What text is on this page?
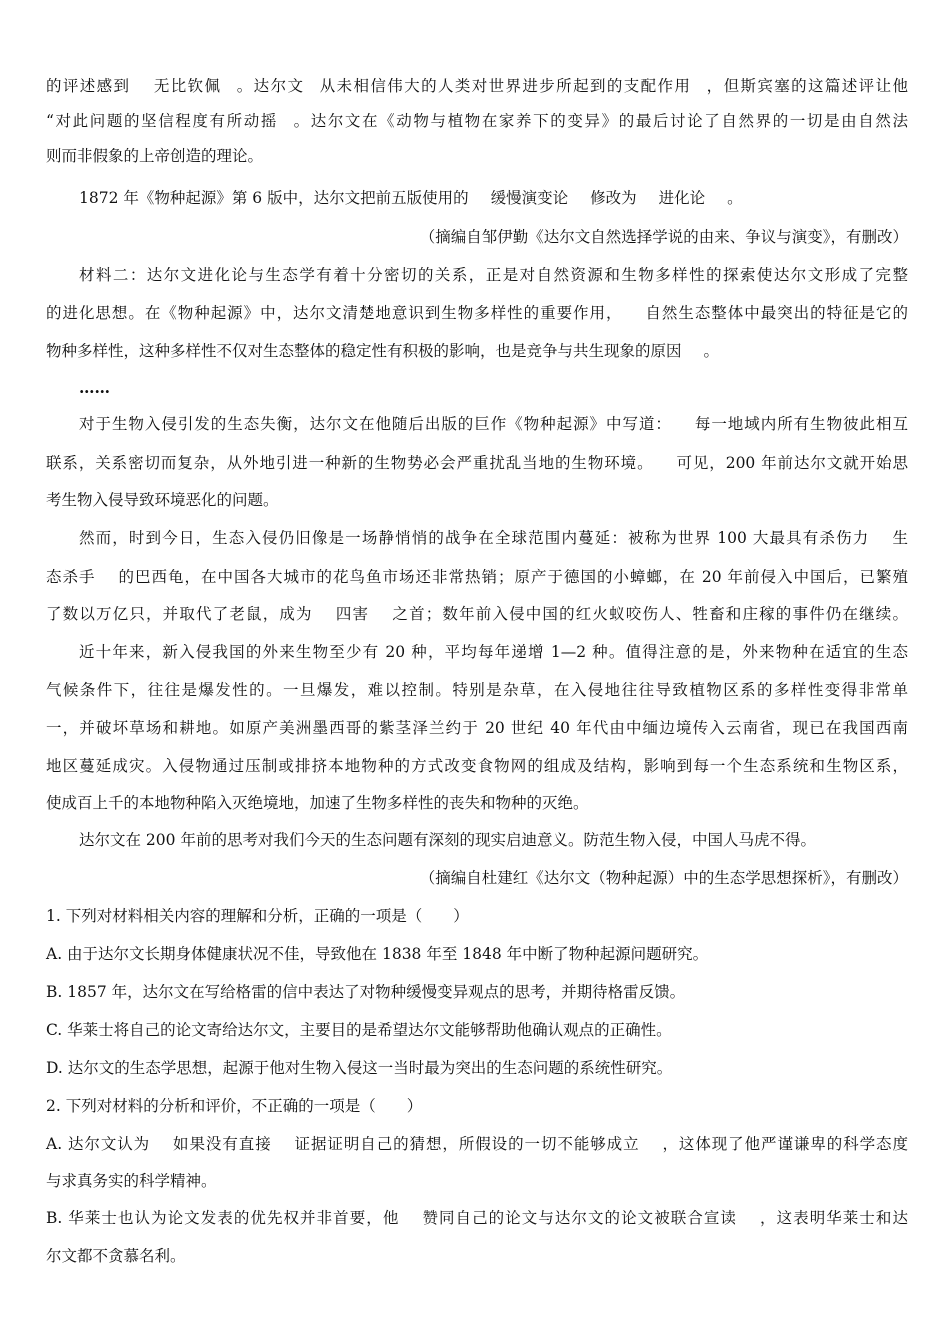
的评述感到 无比钦佩 。达尔文 从未相信伟大的人类对世界进步所起到的支配作用 ，但斯宾塞的这篇述评让他
“对此问题的坚信程度有所动摇 。达尔文在《动物与植物在家养下的变异》的最后讨论了自然界的一切是由自然法
则而非假象的上帝创造的理论。
1872 年《物种起源》第 6 版中，达尔文把前五版使用的 缓慢演变论 修改为 进化论 。
（摘编自邹伊勤《达尔文自然选择学说的由来、争议与演变》，有删改）
材料二：达尔文进化论与生态学有着十分密切的关系，正是对自然资源和生物多样性的探索使达尔文形成了完整
的进化思想。在《物种起源》中，达尔文清楚地意识到生物多样性的重要作用， 自然生态整体中最突出的特征是它的
物种多样性，这种多样性不仅对生态整体的稳定性有积极的影响，也是竞争与共生现象的原因 。
……
对于生物入侵引发的生态失衡，达尔文在他随后出版的巨作《物种起源》中写道： 每一地域内所有生物彼此相互
联系，关系密切而复杂，从外地引进一种新的生物势必会严重扰乱当地的生物环境。 可见，200 年前达尔文就开始思
考生物入侵导致环境恶化的问题。
然而，时到今日，生态入侵仍旧像是一场静悄悄的战争在全球范围内蔓延：被称为世界 100 大最具有杀伤力 生
态杀手 的巴西龟，在中国各大城市的花鸟鱼市场还非常热销；原产于德国的小蟑螂，在 20 年前侵入中国后，已繁殖
了数以万亿只，并取代了老鼠，成为 四害 之首；数年前入侵中国的红火蚁咬伤人、牲畜和庄稼的事件仍在继续。
近十年来，新入侵我国的外来生物至少有 20 种，平均每年递增 1—2 种。值得注意的是，外来物种在适宜的生态
气候条件下，往往是爆发性的。一旦爆发，难以控制。特别是杂草，在入侵地往往导致植物区系的多样性变得非常单
一，并破坏草场和耕地。如原产美洲墨西哥的紫茎泽兰约于 20 世纪 40 年代由中缅边境传入云南省，现已在我国西南
地区蔓延成灾。入侵物通过压制或排挤本地物种的方式改变食物网的组成及结构，影响到每一个生态系统和生物区系，
使成百上千的本地物种陷入灭绝境地，加速了生物多样性的丧失和物种的灭绝。
达尔文在 200 年前的思考对我们今天的生态问题有深刻的现实启迪意义。防范生物入侵，中国人马虎不得。
（摘编自杜建红《达尔文（物种起源）中的生态学思想探析》，有删改）
1. 下列对材料相关内容的理解和分析，正确的一项是（　　）
A. 由于达尔文长期身体健康状况不佳，导致他在 1838 年至 1848 年中断了物种起源问题研究。
B. 1857 年，达尔文在写给格雷的信中表达了对物种缓慢变异观点的思考，并期待格雷反馈。
C. 华莱士将自己的论文寄给达尔文，主要目的是希望达尔文能够帮助他确认观点的正确性。
D. 达尔文的生态学思想，起源于他对生物入侵这一当时最为突出的生态问题的系统性研究。
2. 下列对材料的分析和评价，不正确的一项是（　　）
A. 达尔文认为 如果没有直接 证据证明自己的猜想，所假设的一切不能够成立 ，这体现了他严谨谦卑的科学态度
与求真务实的科学精神。
B. 华莱士也认为论文发表的优先权并非首要，他 赞同自己的论文与达尔文的论文被联合宣读 ，这表明华莱士和达
尔文都不贪慕名利。
